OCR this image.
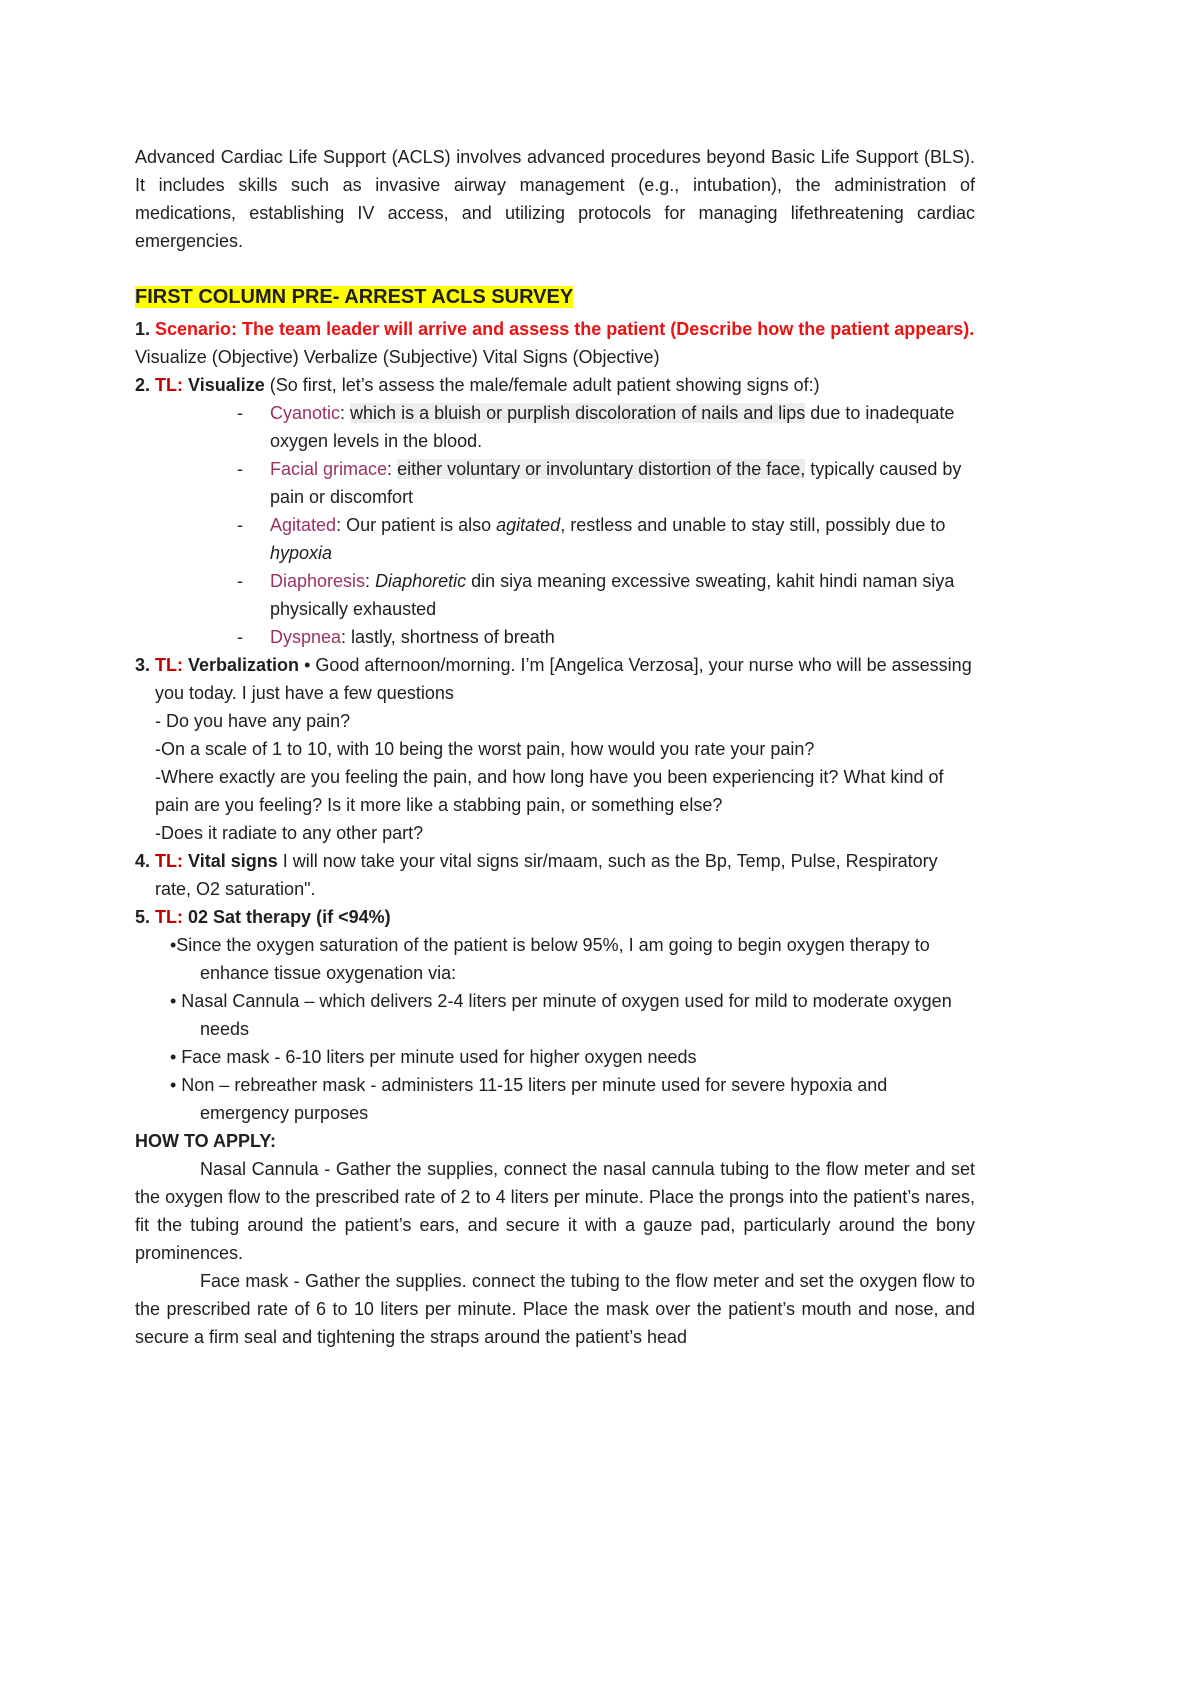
Advanced Cardiac Life Support (ACLS) involves advanced procedures beyond Basic Life Support (BLS). It includes skills such as invasive airway management (e.g., intubation), the administration of medications, establishing IV access, and utilizing protocols for managing lifethreatening cardiac emergencies.
FIRST COLUMN PRE- ARREST ACLS SURVEY
1. Scenario: The team leader will arrive and assess the patient (Describe how the patient appears).
Visualize (Objective) Verbalize (Subjective) Vital Signs (Objective)
2. TL: Visualize (So first, let’s assess the male/female adult patient showing signs of:)
-	Cyanotic: which is a bluish or purplish discoloration of nails and lips due to inadequate oxygen levels in the blood.
-	Facial grimace: either voluntary or involuntary distortion of the face, typically caused by pain or discomfort
-	Agitated: Our patient is also agitated, restless and unable to stay still, possibly due to hypoxia
-	Diaphoresis: Diaphoretic din siya meaning excessive sweating, kahit hindi naman siya physically exhausted
-	Dyspnea: lastly, shortness of breath
3. TL: Verbalization • Good afternoon/morning. I’m [Angelica Verzosa], your nurse who will be assessing you today. I just have a few questions
- Do you have any pain?
-On a scale of 1 to 10, with 10 being the worst pain, how would you rate your pain?
-Where exactly are you feeling the pain, and how long have you been experiencing it? What kind of pain are you feeling? Is it more like a stabbing pain, or something else?
-Does it radiate to any other part?
4. TL: Vital signs I will now take your vital signs sir/maam, such as the Bp, Temp, Pulse, Respiratory rate, O2 saturation".
5. TL: 02 Sat therapy (if <94%)
•Since the oxygen saturation of the patient is below 95%, I am going to begin oxygen therapy to enhance tissue oxygenation via:
• Nasal Cannula – which delivers 2-4 liters per minute of oxygen used for mild to moderate oxygen needs
• Face mask - 6-10 liters per minute used for higher oxygen needs
• Non – rebreather mask - administers 11-15 liters per minute used for severe hypoxia and emergency purposes
HOW TO APPLY:
Nasal Cannula - Gather the supplies, connect the nasal cannula tubing to the flow meter and set the oxygen flow to the prescribed rate of 2 to 4 liters per minute. Place the prongs into the patient’s nares, fit the tubing around the patient’s ears, and secure it with a gauze pad, particularly around the bony prominences.
Face mask - Gather the supplies. connect the tubing to the flow meter and set the oxygen flow to the prescribed rate of 6 to 10 liters per minute. Place the mask over the patient’s mouth and nose, and secure a firm seal and tightening the straps around the patient’s head
